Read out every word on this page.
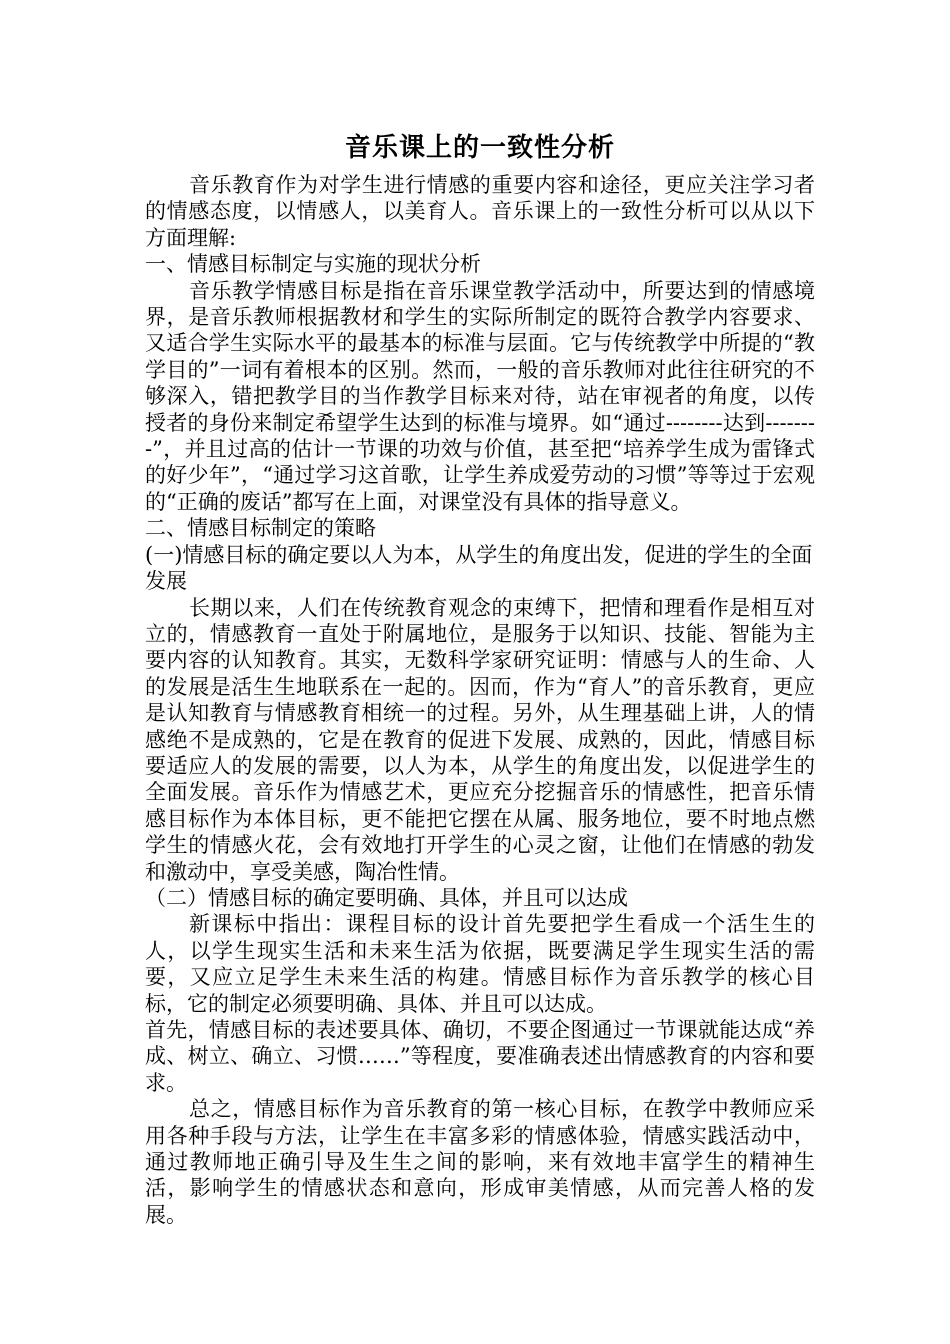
音乐课上的一致性分析

音乐教育作为对学生进行情感的重要内容和途径，更应关注学习者的情感态度，以情感人，以美育人。音乐课上的一致性分析可以从以下方面理解:

一、情感目标制定与实施的现状分析

音乐教学情感目标是指在音乐课堂教学活动中，所要达到的情感境界，是音乐教师根据教材和学生的实际所制定的既符合教学内容要求、又适合学生实际水平的最基本的标准与层面。它与传统教学中所提的“教学目的”一词有着根本的区别。然而，一般的音乐教师对此往往研究的不够深入，错把教学目的当作教学目标来对待，站在审视者的角度，以传授者的身份来制定希望学生达到的标准与境界。如“通过--------达到--------”，并且过高的估计一节课的功效与价值，甚至把“培养学生成为雷锋式的好少年”，“通过学习这首歌，让学生养成爱劳动的习惯”等等过于宏观的“正确的废话”都写在上面，对课堂没有具体的指导意义。

二、情感目标制定的策略

(一)情感目标的确定要以人为本，从学生的角度出发，促进的学生的全面发展

长期以来，人们在传统教育观念的束缚下，把情和理看作是相互对立的，情感教育一直处于附属地位，是服务于以知识、技能、智能为主要内容的认知教育。其实，无数科学家研究证明：情感与人的生命、人的发展是活生生地联系在一起的。因而，作为“育人”的音乐教育，更应是认知教育与情感教育相统一的过程。另外，从生理基础上讲，人的情感绝不是成熟的，它是在教育的促进下发展、成熟的，因此，情感目标要适应人的发展的需要，以人为本，从学生的角度出发，以促进学生的全面发展。音乐作为情感艺术，更应充分挖掘音乐的情感性，把音乐情感目标作为本体目标，更不能把它摆在从属、服务地位，要不时地点燃学生的情感火花，会有效地打开学生的心灵之窗，让他们在情感的勃发和激动中，享受美感，陶冶性情。

（二）情感目标的确定要明确、具体，并且可以达成

新课标中指出：课程目标的设计首先要把学生看成一个活生生的人，以学生现实生活和未来生活为依据，既要满足学生现实生活的需要，又应立足学生未来生活的构建。情感目标作为音乐教学的核心目标，它的制定必须要明确、具体、并且可以达成。

首先，情感目标的表述要具体、确切，不要企图通过一节课就能达成“养成、树立、确立、习惯……”等程度，要准确表述出情感教育的内容和要求。

总之，情感目标作为音乐教育的第一核心目标，在教学中教师应采用各种手段与方法，让学生在丰富多彩的情感体验，情感实践活动中，通过教师地正确引导及生生之间的影响，来有效地丰富学生的精神生活，影响学生的情感状态和意向，形成审美情感，从而完善人格的发展。
